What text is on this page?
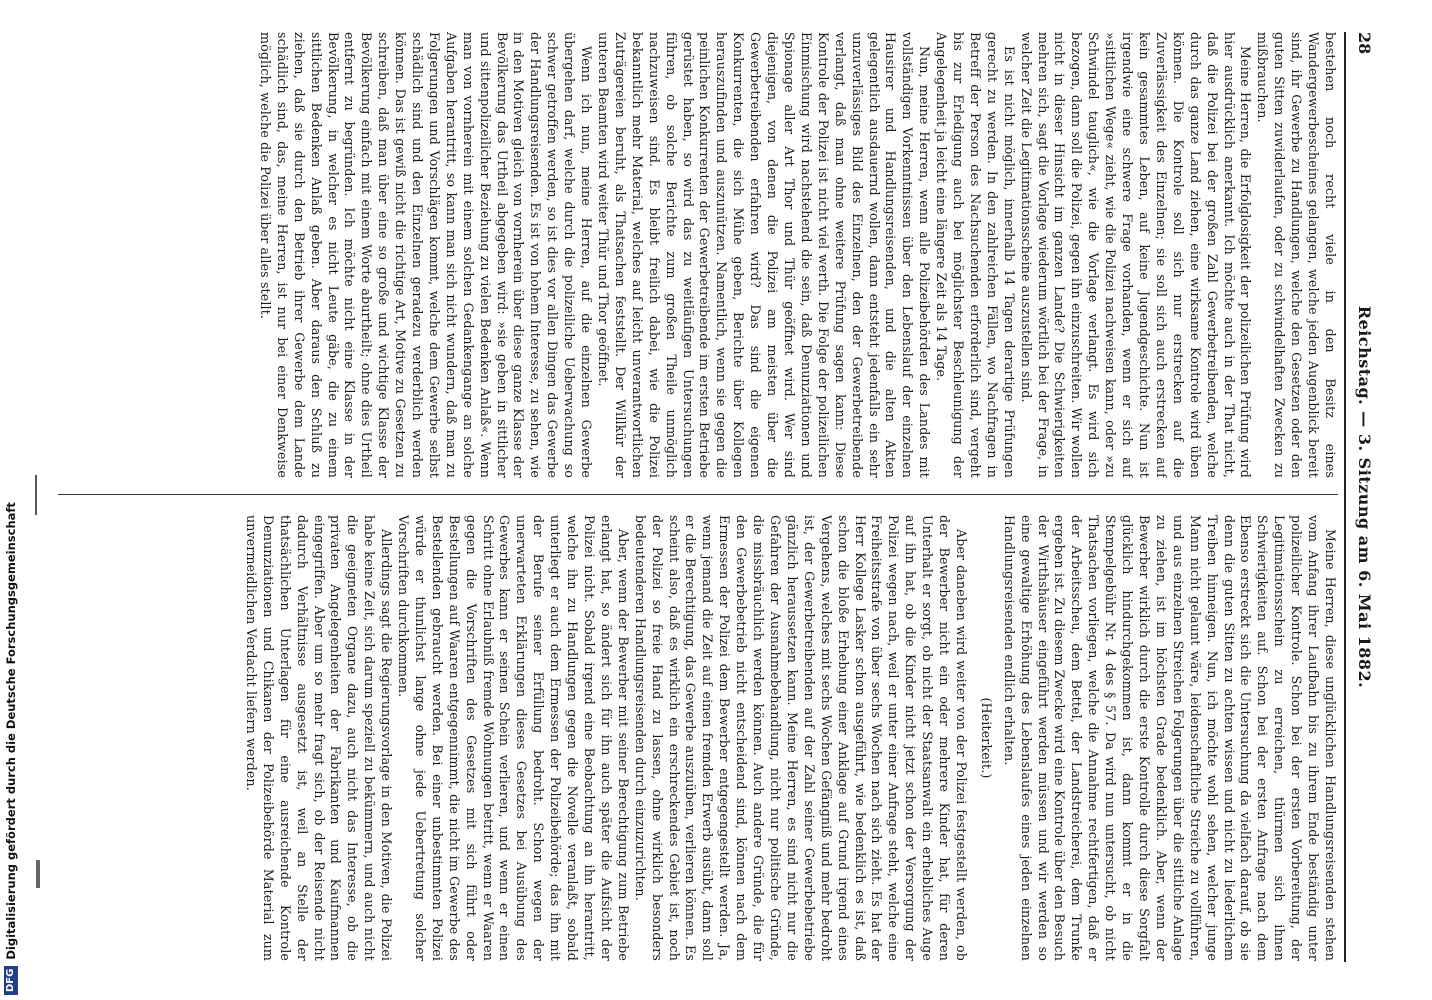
28
Reichstag. — 3. Sitzung am 6. Mai 1882.

bestehen noch recht viele in den Besitz eines Wandergewerbescheines gelangen, welche jeden Augenblick bereit sind, ihr Gewerbe zu Handlungen, welche den Gesetzen oder den guten Sitten zuwiderlaufen, oder zu schwindelhaften Zwecken zu mißbrauchen.

Meine Herren, die Erfolglosigkeit der polizeilichen Prüfung wird hier ausdrücklich anerkannt. Ich möchte auch in der That nicht, daß die Polizei bei der großen Zahl Gewerbetreibenden, welche durch das ganze Land ziehen, eine wirksame Kontrole wird üben können. Die Kontrole soll sich nur erstrecken auf die Zuverlässigkeit des Einzelnen; sie soll sich auch erstrecken auf kein gesammtes Leben, auf keine Jugendgeschichte. Nun ist irgendwie eine schwere Frage vorhanden, wenn er sich auf »sittlichen Wege« zieht, wie die Polizei nachweisen kann, oder »zu Schwindel tauglich«, wie die Vorlage verlangt. Es wird sich bezogen, dann soll die Polizei, gegen ihn einzuschreiten. Wir wollen nicht in dieser Hinsicht im ganzen Lande? Die Schwierigkeiten mehren sich, sagt die Vorlage wiederum wörtlich bei der Frage, in welcher Zeit die Legitimationsscheine auszustellen sind.

Es ist nicht möglich, innerhalb 14 Tagen derartige Prüfungen gerecht zu werden. In den zahlreichen Fällen, wo Nachfragen in Betreff der Person des Nachsuchenden erforderlich sind, vergeht bis zur Erledigung auch bei möglichster Beschleunigung der Angelegenheit ja leicht eine längere Zeit als 14 Tage.

Nun, meine Herren, wenn alle Polizeibehörden des Landes mit vollständigen Vorkenntnissen über den Lebenslauf der einzelnen Hausirer und Handlungsreisenden, und die alten Akten gelegentlich ausdauernd wollen, dann entsteht jedenfalls ein sehr unzuverlässiges Bild des Einzelnen, den der Gewerbetreibende verlangt, daß man ohne weitere Prüfung sagen kann: Diese Kontrole der Polizei ist nicht viel werth. Die Folge der polizeilichen Einmischung wird nachstehend die sein, daß Denunziationen und Spionage aller Art Thor und Thür geöffnet wird. Wer sind diejenigen, von denen die Polizei am meisten über die Gewerbetreibenden erfahren wird? Das sind die eigenen Konkurrenten, die sich Mühe geben, Berichte über Kollegen herauszufinden und auszunützen. Namentlich, wenn sie gegen die peinlichen Konkurrenten der Gewerbetreibende im ersten Betriebe gerüstet haben, so wird das zu weitläufigen Untersuchungen führen, ob solche Berichte zum großen Theile unmöglich nachzuweisen sind. Es bleibt freilich dabei, wie die Polizei bekanntlich mehr Material, welches auf leicht unverantwortlichen Zuträgereien beruht, als Thatsachen feststellt. Der Willkür der unteren Beamten wird weiter Thür und Thor geöffnet.

Wenn ich nun, meine Herren, auf die einzelnen Gewerbe übergehen darf, welche durch die polizeiliche Ueberwachung so schwer getroffen werden, so ist dies vor allen Dingen das Gewerbe der Handlungsreisenden. Es ist von hohem Interesse, zu sehen, wie in den Motiven gleich von vornherein über diese ganze Klasse der Bevölkerung das Urtheil abgegeben wird: »sie geben in sittlicher und sittenpolizeilicher Beziehung zu vielen Bedenken Anlaß«. Wenn man von vornherein mit einem solchen Gedankengange an solche Aufgaben herantritt, so kann man sich nicht wundern, daß man zu Folgerungen und Vorschlägen kommt, welche dem Gewerbe selbst schädlich sind und den Einzelnen geradezu verderblich werden können. Das ist gewiß nicht die richtige Art, Motive zu Gesetzen zu schreiben, daß man über eine so große und wichtige Klasse der Bevölkerung einfach mit einem Worte aburtheilt; ohne dies Urtheil entfernt zu begründen. Ich möchte nicht eine Klasse in der Bevölkerung, in welcher es nicht Leute gäbe, die zu einem sittlichen Bedenken Anlaß geben. Aber daraus den Schluß zu ziehen, daß sie durch den Betrieb ihrer Gewerbe dem Lande schädlich sind, das, meine Herren, ist nur bei einer Denkweise möglich, welche die Polizei über alles stellt.

Meine Herren, diese unglücklichen Handlungsreisenden stehen vom Anfang ihrer Laufbahn bis zu ihrem Ende beständig unter polizeilicher Kontrole. Schon bei der ersten Vorbereitung, der Legitimationsschein zu erreichen, thürmen sich ihnen Schwierigkeiten auf. Schon bei der ersten Anfrage nach dem Ebenso erstreckt sich die Untersuchung da vielfach darauf, ob sie denn die guten Sitten zu achten wissen und nicht zu liederlichem Treiben hinneigen. Nun, ich möchte wohl sehen, welcher junge Mann nicht gelaunt wäre, leidenschaftliche Streiche zu vollführen, und aus einzelnen Streichen Folgerungen über die sittliche Anlage zu ziehen, ist im höchsten Grade bedenklich. Aber, wenn der Bewerber wirklich durch die erste Kontrolle durch diese Sorgfalt glücklich hindurchgekommen ist, dann kommt er in die Stempelgebühr Nr. 4 des § 57. Da wird nun untersucht, ob nicht Thatsachen vorliegen, welche die Annahme rechtfertigen, daß er der Arbeitsscheu, dem Bettel, der Landstreicherei, dem Trunke ergeben ist. Zu diesem Zwecke wird eine Kontrole über den Besuch der Wirthshäuser eingeführt werden müssen und wir werden so eine gewaltige Erhöhung des Lebenslaufes eines jeden einzelnen Handlungsreisenden endlich erhalten.

(Heiterkeit.)

Aber daneben wird weiter von der Polizei festgestellt werden, ob der Bewerber nicht ein oder mehrere Kinder hat, für deren Unterhalt er sorgt, ob nicht der Staatsanwalt ein erhebliches Auge auf ihn hat, ob die Kinder nicht jetzt schon der Versorgung der Polizei wegen nach, weil er unter einer Anfrage steht, welche eine Freiheitsstrafe von über sechs Wochen nach sich zieht. Es hat der Herr Kollege Lasker schon ausgeführt, wie bedenklich es ist, daß schon die bloße Erhebung einer Anklage auf Grund irgend eines Vergehens, welches mit sechs Wochen Gefängniß und mehr bedroht ist, der Gewerbetreibenden auf der Zahl seiner Gewerbebetriebe gänzlich heraussetzen kann. Meine Herren, es sind nicht nur die Gefahren der Ausnahmebehandlung, nicht nur politische Gründe, die missbräuchlich werden können. Auch andere Gründe, die für den Gewerbebetrieb nicht entscheidend sind, können nach dem Ermessen der Polizei dem Bewerber entgegengestellt werden. Ja, wenn jemand die Zeit auf einen fremden Erwerb ausübt, dann soll er die Berechtigung, das Gewerbe auszuüben, verlieren können. Es scheint also, daß es wirklich ein erschreckendes Gebiet ist, noch der Polizei so freie Hand zu lassen, ohne wirklich besonders bedeutenderen Handlungsreisenden durch einzuzurichten.

Aber, wenn der Bewerber mit seiner Berechtigung zum Betriebe erlangt hat, so ändert sich für ihn auch später die Aufsicht der Polizei nicht. Sobald irgend eine Beobachtung an ihn herantritt, welche ihn zu Handlungen gegen die Novelle veranlaßt, sobald unterliegt er auch dem Ermessen der Polizeibehörde; das ihn mit der Berufe seiner Erfüllung bedroht. Schon wegen der unerwarteten Erklärungen dieses Gesetzes bei Ausübung des Gewerbes kann er seinen Schein verlieren, und wenn er einen Schritt ohne Erlaubniß fremde Wohnungen betritt, wenn er Waaren gegen die Vorschriften des Gesetzes mit sich führt oder Bestellungen auf Waaren entgegennimmt, die nicht im Gewerbe des Bestellenden gebraucht werden. Bei einer unbestimmten Polizei würde er thunlichst lange ohne jede Uebertretung solcher Vorschriften durchkommen.

Allerdings sagt die Regierungsvorlage in den Motiven, die Polizei habe keine Zeit, sich darum speziell zu bekümmern, und auch nicht die geeigneten Organe dazu, auch nicht das Interesse, ob die privaten Angelegenheiten der Fabrikanten und Kaufmannen eingegriffen. Aber um so mehr fragt sich, ob der Reisende nicht dadurch Verhältnisse ausgesetzt ist, weil an Stelle der thatsächlichen Unterlagen für eine ausreichende Kontrole Denunziationen und Chikanen der Polizeibehörde Material zum unvermeidlichen Verdacht liefern werden.

DFG
Digitalisierung gefördert durch die Deutsche Forschungsgemeinschaft
